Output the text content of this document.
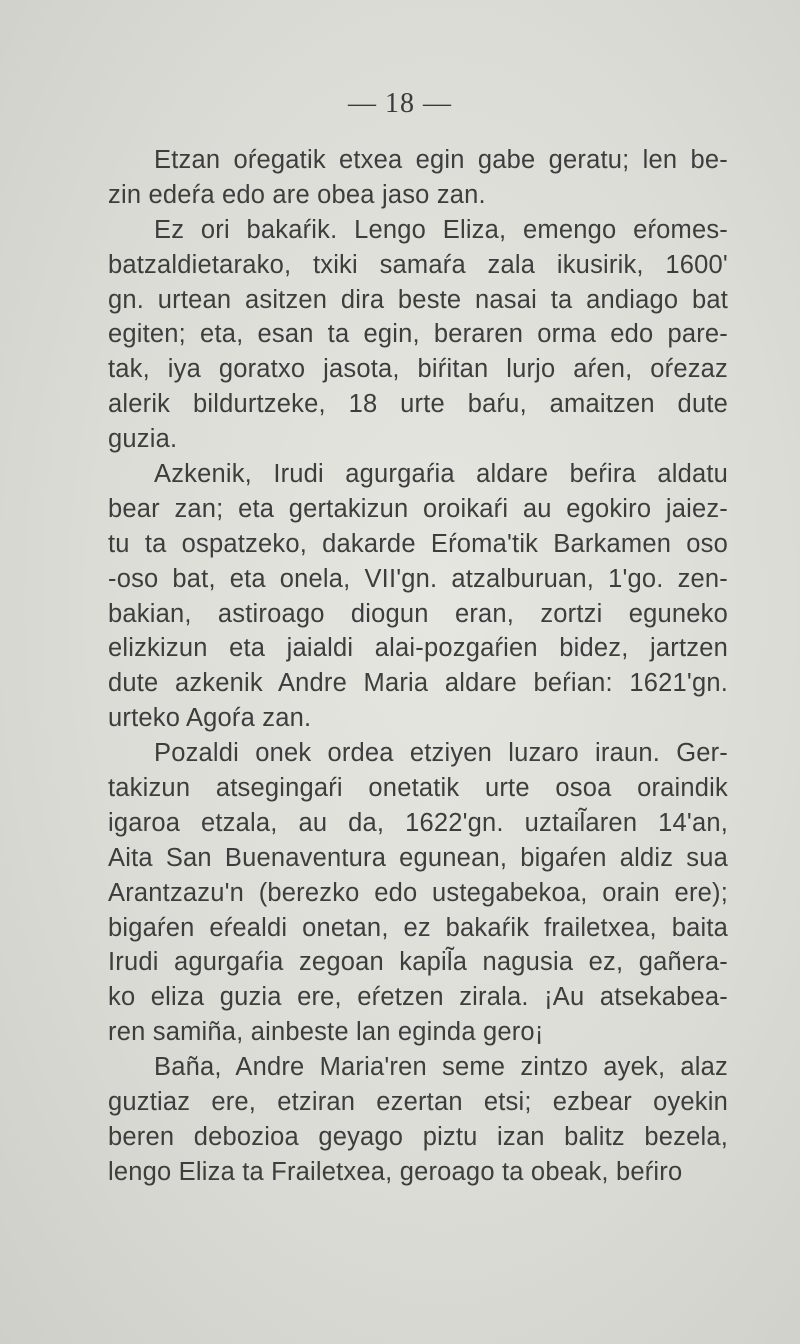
— 18 —
Etzan oŕegatik etxea egin gabe geratu; len be-
zin edeŕa edo are obea jaso zan.
Ez ori bakaŕik. Lengo Eliza, emengo eŕomes-
batzaldietarako, txiki samaŕa zala ikusirik, 1600'
gn. urtean asitzen dira beste nasai ta andiago bat
egiten; eta, esan ta egin, beraren orma edo pare-
tak, iya goratxo jasota, biŕitan lurjo aŕen, oŕezaz
alerik bildurtzeke, 18 urte baŕu, amaitzen dute
guzia.
Azkenik, Irudi agurgaŕia aldare beŕira aldatu
bear zan; eta gertakizun oroikaŕi au egokiro jaiez-
tu ta ospatzeko, dakarde Eŕoma'tik Barkamen oso
-oso bat, eta onela, VII'gn. atzalburuan, 1'go. zen-
bakian, astiroago diogun eran, zortzi eguneko
elizkizun eta jaialdi alai-pozgaŕien bidez, jartzen
dute azkenik Andre Maria aldare beŕian: 1621'gn.
urteko Agoŕa zan.
Pozaldi onek ordea etziyen luzaro iraun. Ger-
takizun atsegingaŕi onetatik urte osoa oraindik
igaroa etzala, au da, 1622'gn. uztail̃aren 14'an,
Aita San Buenaventura egunean, bigaŕen aldiz sua
Arantzazu'n (berezko edo ustegabekoa, orain ere);
bigaŕen eŕealdi onetan, ez bakaŕik frailetxea, baita
Irudi agurgaŕia zegoan kapil̃a nagusia ez, gañera-
ko eliza guzia ere, eŕetzen zirala. ¡Au atsekabea-
ren samiña, ainbeste lan eginda gero¡
Baña, Andre Maria'ren seme zintzo ayek, alaz
guztiaz ere, etziran ezertan etsi; ezbear oyekin
beren debozioa geyago piztu izan balitz bezela,
lengo Eliza ta Frailetxea, geroago ta obeak, beŕiro
